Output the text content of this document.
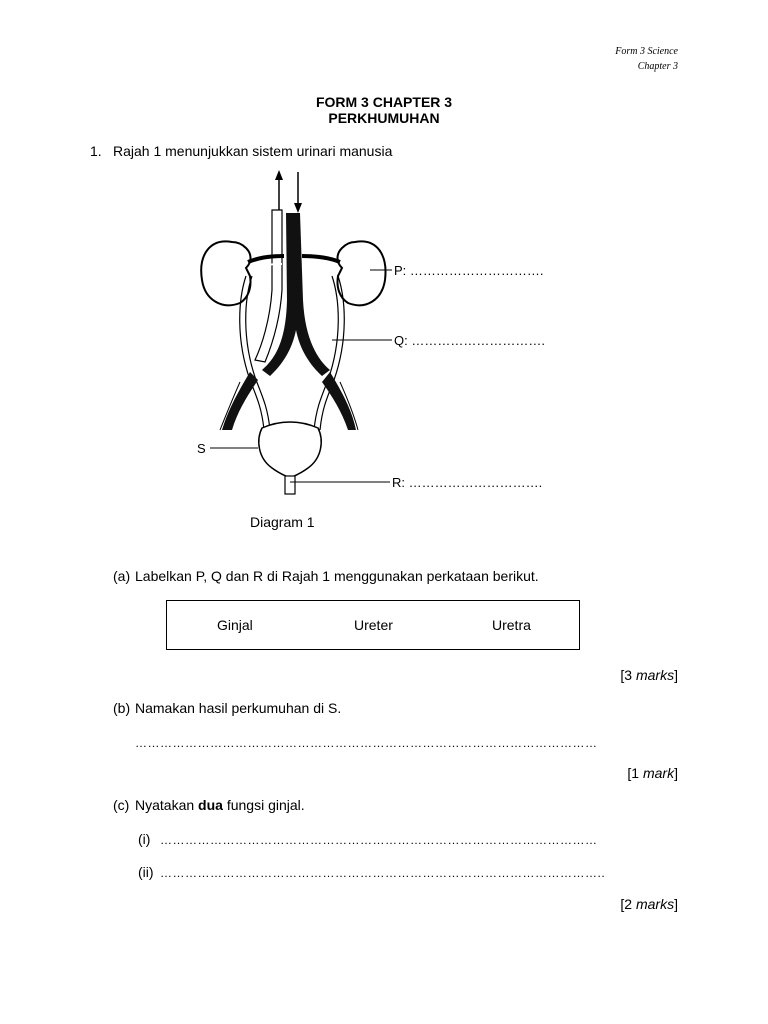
Form 3 Science
Chapter 3
FORM 3 CHAPTER 3
PERKHUMUHAN
1. Rajah 1 menunjukkan sistem urinari manusia
P: ………………………….
Q: ………………………….
R: ………………………….
S
Diagram 1
(a) Labelkan P, Q dan R di Rajah 1 menggunakan perkataan berikut.
Ginjal	Ureter	Uretra
[3 marks]
(b) Namakan hasil perkumuhan di S.
…………………………………………………………………………………………………
[1 mark]
(c) Nyatakan dua fungsi ginjal.
(i) ……………………………………………………………………………………………
(ii) ……………………………………………………………………………………………..
[2 marks]
